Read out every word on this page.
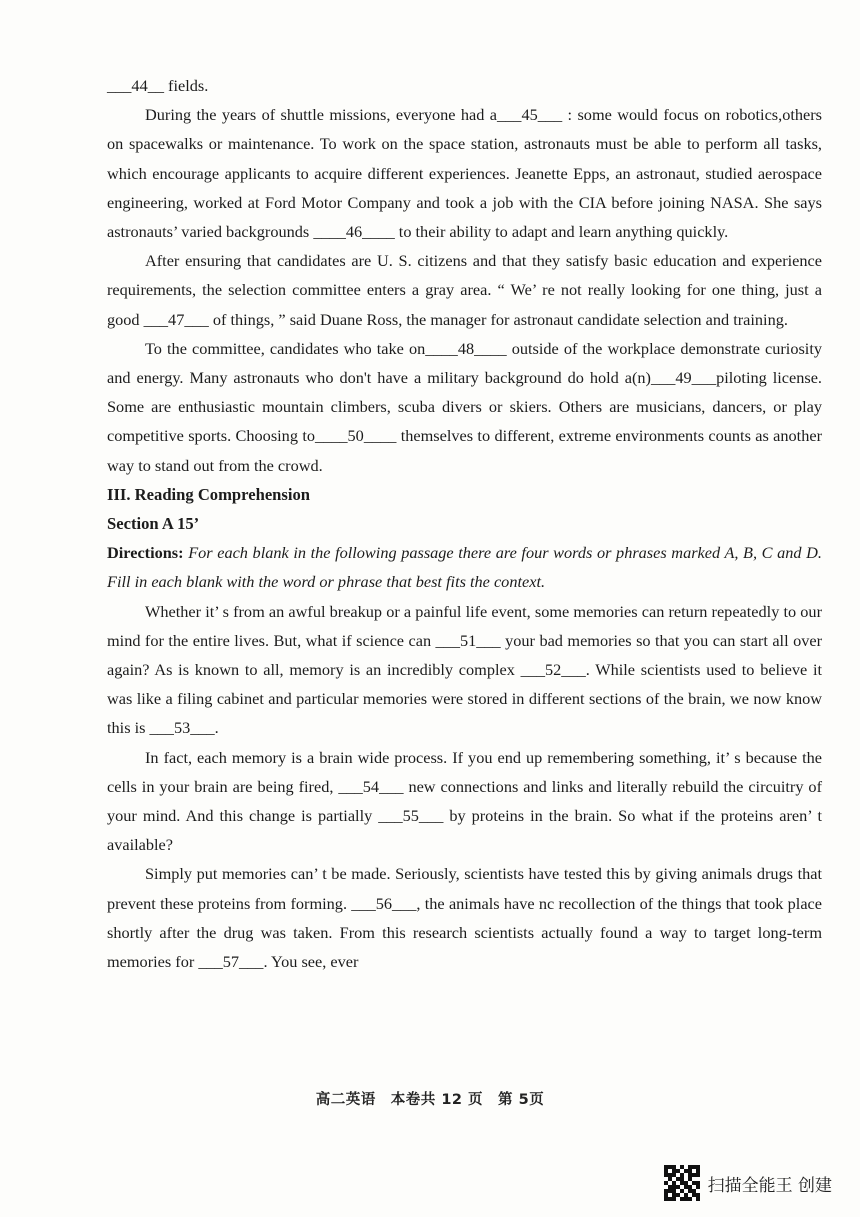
___44__ fields.

During the years of shuttle missions, everyone had a___45___ : some would focus on robotics,others on spacewalks or maintenance. To work on the space station, astronauts must be able to perform all tasks, which encourage applicants to acquire different experiences. Jeanette Epps, an astronaut, studied aerospace engineering, worked at Ford Motor Company and took a job with the CIA before joining NASA. She says astronauts’ varied backgrounds ____46____ to their ability to adapt and learn anything quickly.

After ensuring that candidates are U. S. citizens and that they satisfy basic education and experience requirements, the selection committee enters a gray area. “ We’ re not really looking for one thing, just a good ___47___ of things, ” said Duane Ross, the manager for astronaut candidate selection and training.

To the committee, candidates who take on____48____ outside of the workplace demonstrate curiosity and energy. Many astronauts who don't have a military background do hold a(n)___49___piloting license. Some are enthusiastic mountain climbers, scuba divers or skiers. Others are musicians, dancers, or play competitive sports. Choosing to____50____ themselves to different, extreme environments counts as another way to stand out from the crowd.

III. Reading Comprehension

Section A 15’

Directions: For each blank in the following passage there are four words or phrases marked A, B, C and D. Fill in each blank with the word or phrase that best fits the context.

Whether it’ s from an awful breakup or a painful life event, some memories can return repeatedly to our mind for the entire lives. But, what if science can ___51___ your bad memories so that you can start all over again? As is known to all, memory is an incredibly complex ___52___. While scientists used to believe it was like a filing cabinet and particular memories were stored in different sections of the brain, we now know this is ___53___.

In fact, each memory is a brain wide process. If you end up remembering something, it’ s because the cells in your brain are being fired, ___54___ new connections and links and literally rebuild the circuitry of your mind. And this change is partially ___55___ by proteins in the brain. So what if the proteins aren’ t available?

Simply put memories can’ t be made. Seriously, scientists have tested this by giving animals drugs that prevent these proteins from forming. ___56___, the animals have nc recollection of the things that took place shortly after the drug was taken. From this research scientists actually found a way to target long-term memories for ___57___. You see, ever

高二英语　本卷共 12 页　第 5页
扫描全能王 创建
